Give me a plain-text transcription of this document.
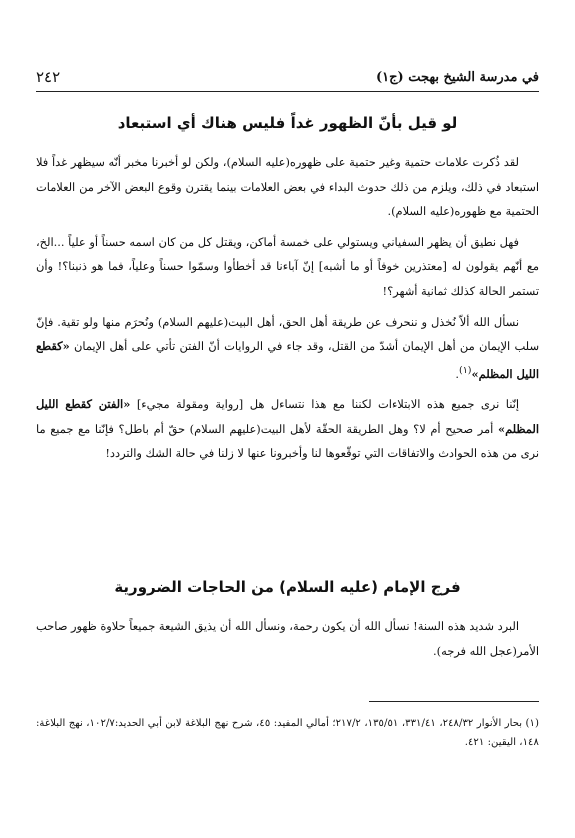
٢٤٢	في مدرسة الشيخ بهجت (ج١)
لو قيل بأنّ الظهور غداً فليس هناك أي استبعاد

لقد ذُكرت علامات حتمية وغير حتمية على ظهوره(عليه السلام)، ولكن لو أخبرنا مخبر أنّه سيظهر غداً فلا استبعاد في ذلك، ويلزم من ذلك حدوث البداء في بعض العلامات بينما يقترن وقوع البعض الآخر من العلامات الحتمية مع ظهوره(عليه السلام).

فهل نطيق أن يظهر السفياني ويستولي على خمسة أماكن، ويقتل كل من كان اسمه حسناً أو علياً ...الخ، مع أنّهم يقولون له [معتذرين خوفاً أو ما أشبه] إنّ آباءنا قد أخطأوا وسمّوا حسناً وعلياً، فما هو ذنبنا؟! وأن تستمر الحالة كذلك ثمانية أشهر؟!

نسأل الله ألاّ نُخذل و ننحرف عن طريقة أهل الحق، أهل البيت(عليهم السلام) ونُحرَم منها ولو تقية. فإنّ سلب الإيمان من أهل الإيمان أشدّ من القتل، وقد جاء في الروايات أنّ الفتن تأتي على أهل الإيمان «كقطع الليل المظلم»$^{(١)}$.

إنّنا نرى جميع هذه الابتلاءات لكننا مع هذا نتساءل هل [رواية ومقولة مجيء] «الفتن كقطع الليل المظلم» أمر صحيح أم لا؟ وهل الطريقة الحقّة لأهل البيت(عليهم السلام) حقّ أم باطل؟ فإنّنا مع جميع ما نرى من هذه الحوادث والاتفاقات التي توقّعوها لنا وأخبرونا عنها لا زلنا في حالة الشك والتردد!

فرج الإمام (عليه السلام) من الحاجات الضرورية

البرد شديد هذه السنة! نسأل الله أن يكون رحمة، ونسأل الله أن يذيق الشيعة جميعاً حلاوة ظهور صاحب الأمر(عجل الله فرجه).

(١) بحار الأنوار ٢٤٨/٣٢، ٣٣١/٤١، ١٣٥/٥١، ٢١٧/٢؛ أمالي المفيد: ٤٥، شرح نهج البلاغة لابن أبي الحديد:١٠٢/٧، نهج البلاغة: ١٤٨، اليقين: ٤٢١.
